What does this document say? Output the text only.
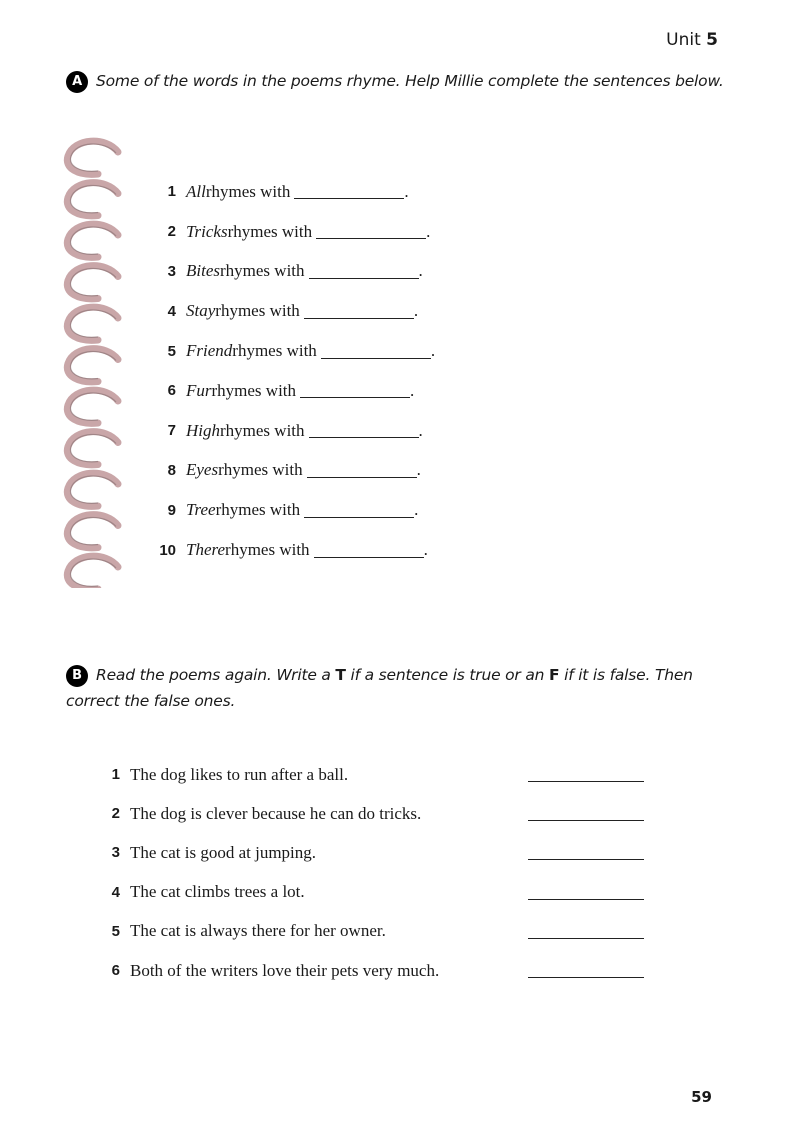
Unit 5
A Some of the words in the poems rhyme. Help Millie complete the sentences below.
1 All rhymes with	.
2 Tricks rhymes with	.
3 Bites rhymes with	.
4 Stay rhymes with	.
5 Friend rhymes with	.
6 Fur rhymes with	.
7 High rhymes with	.
8 Eyes rhymes with	.
9 Tree rhymes with	.
10 There rhymes with	.
B Read the poems again. Write a T if a sentence is true or an F if it is false. Then correct the false ones.
1 The dog likes to run after a ball.
2 The dog is clever because he can do tricks.
3 The cat is good at jumping.
4 The cat climbs trees a lot.
5 The cat is always there for her owner.
6 Both of the writers love their pets very much.
59
